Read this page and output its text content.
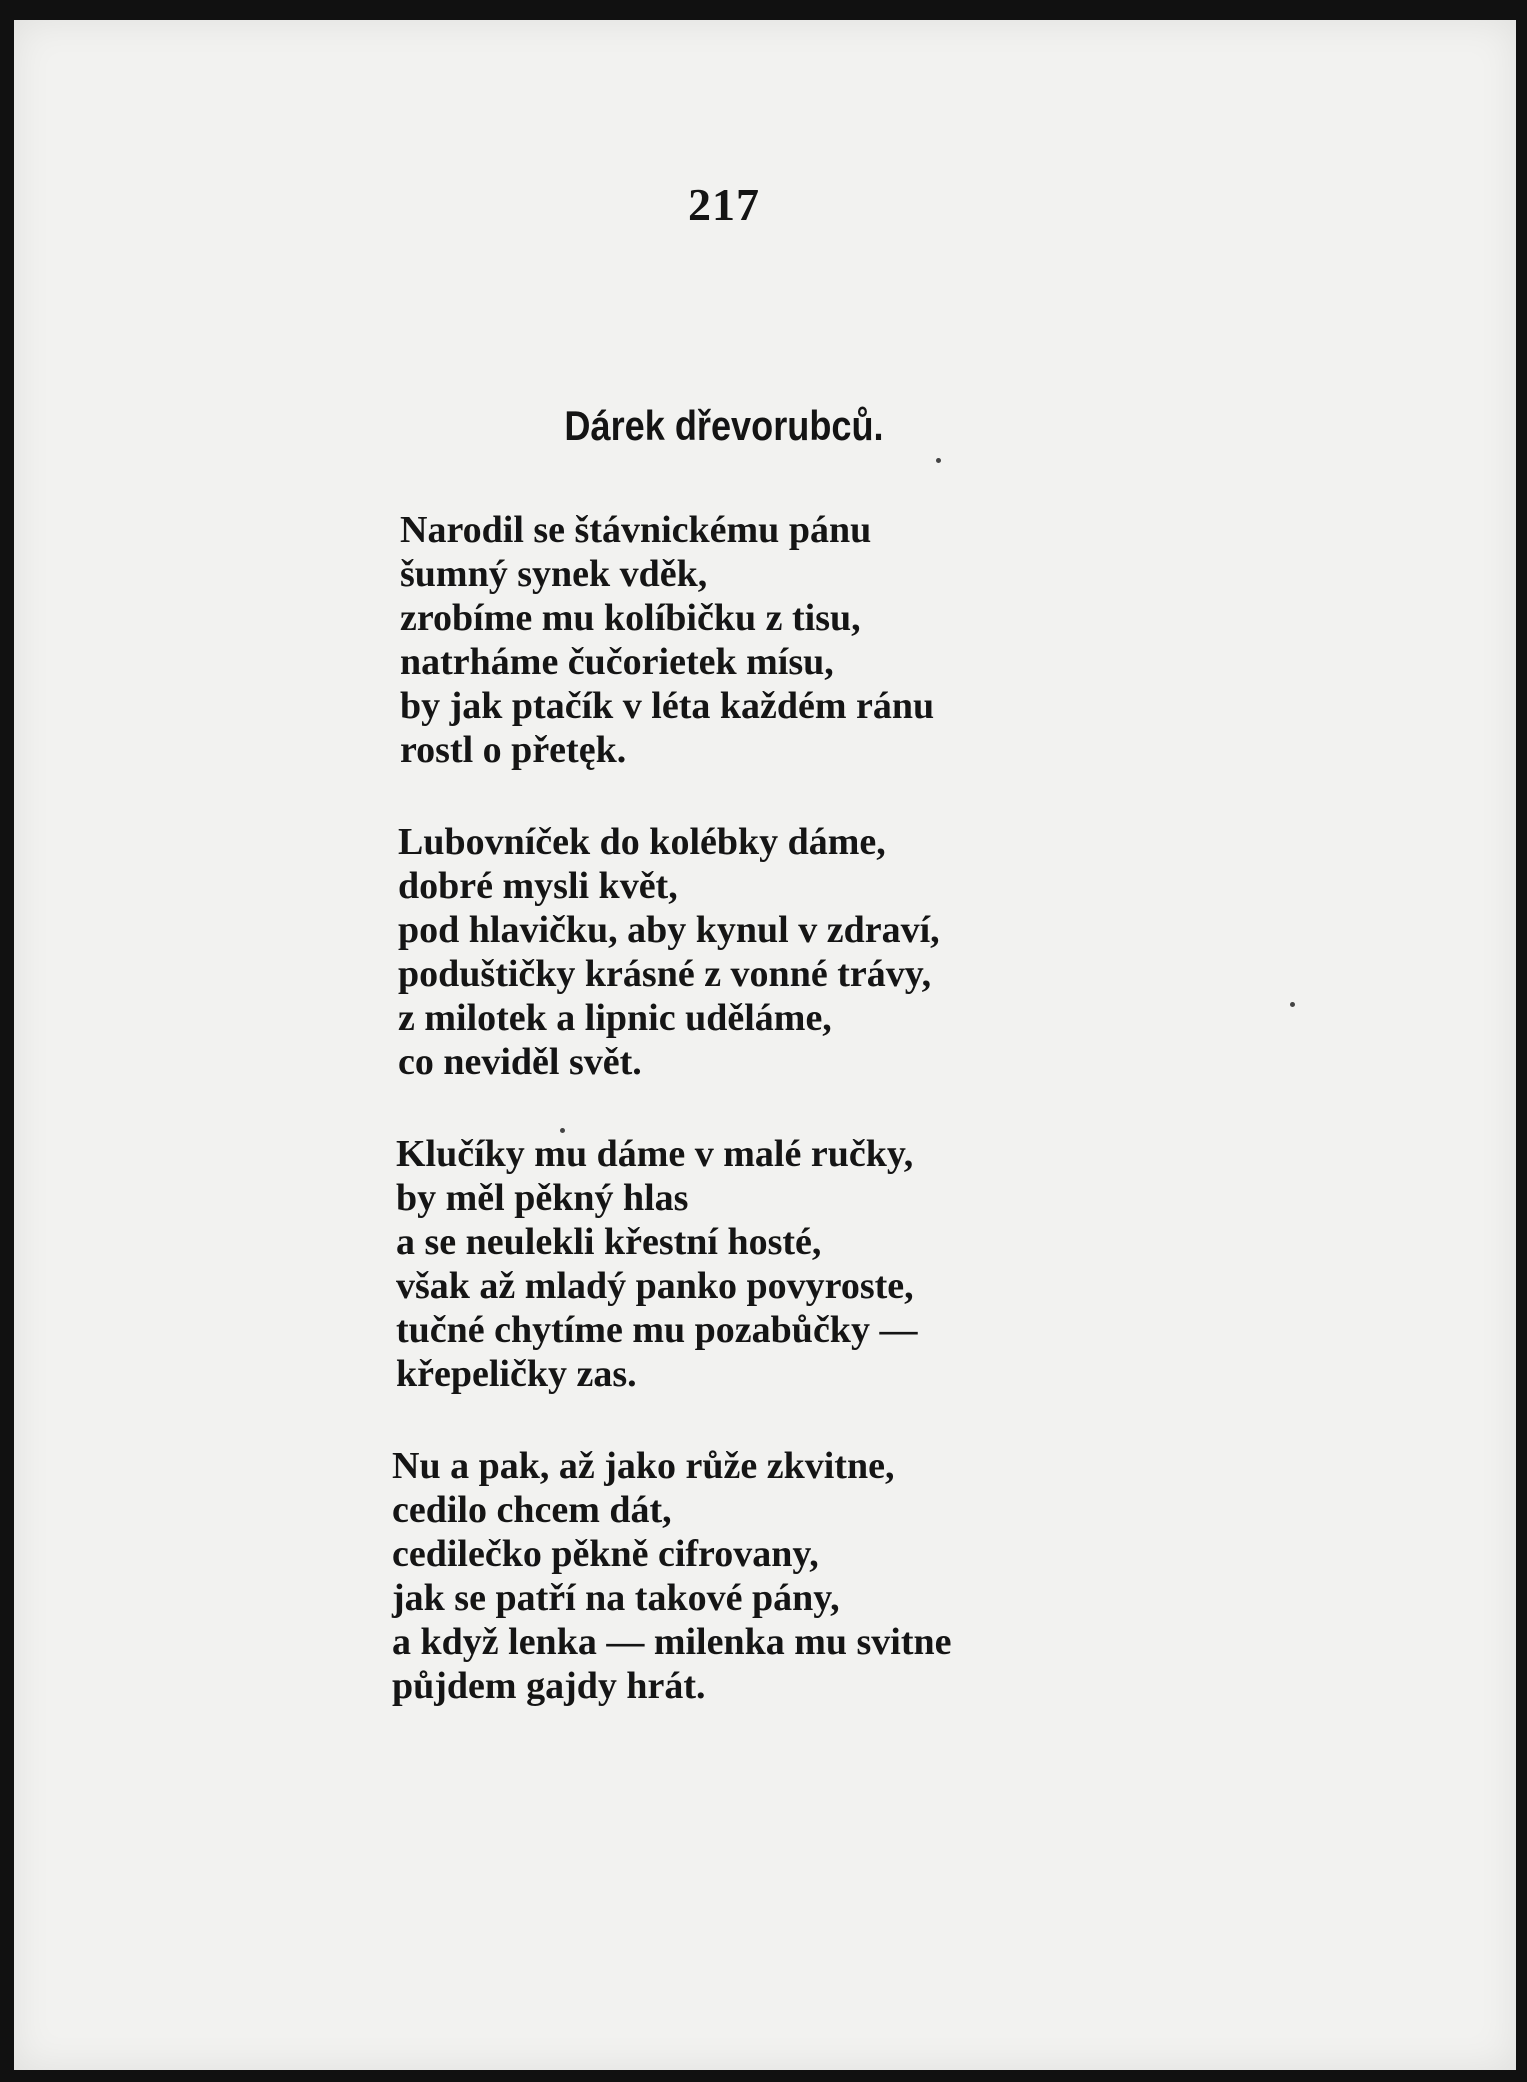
217
Dárek dřevorubců.
Narodil se štávnickému pánu
šumný synek vděk,
zrobíme mu kolíbičku z tisu,
natrháme čučorietek mísu,
by jak ptačík v léta každém ránu
rostl o přetęk.
Lubovníček do kolébky dáme,
dobré mysli květ,
pod hlavičku, aby kynul v zdraví,
poduštičky krásné z vonné trávy,
z milotek a lipnic uděláme,
co neviděl svět.
Klučíky mu dáme v malé ručky,
by měl pěkný hlas
a se neulekli křestní hosté,
však až mladý panko povyroste,
tučné chytíme mu pozabůčky —
křepeličky zas.
Nu a pak, až jako růže zkvitne,
cedilo chcem dát,
cedilečko pěkně cifrovany,
jak se patří na takové pány,
a když lenka — milenka mu svitne
půjdem gajdy hrát.
